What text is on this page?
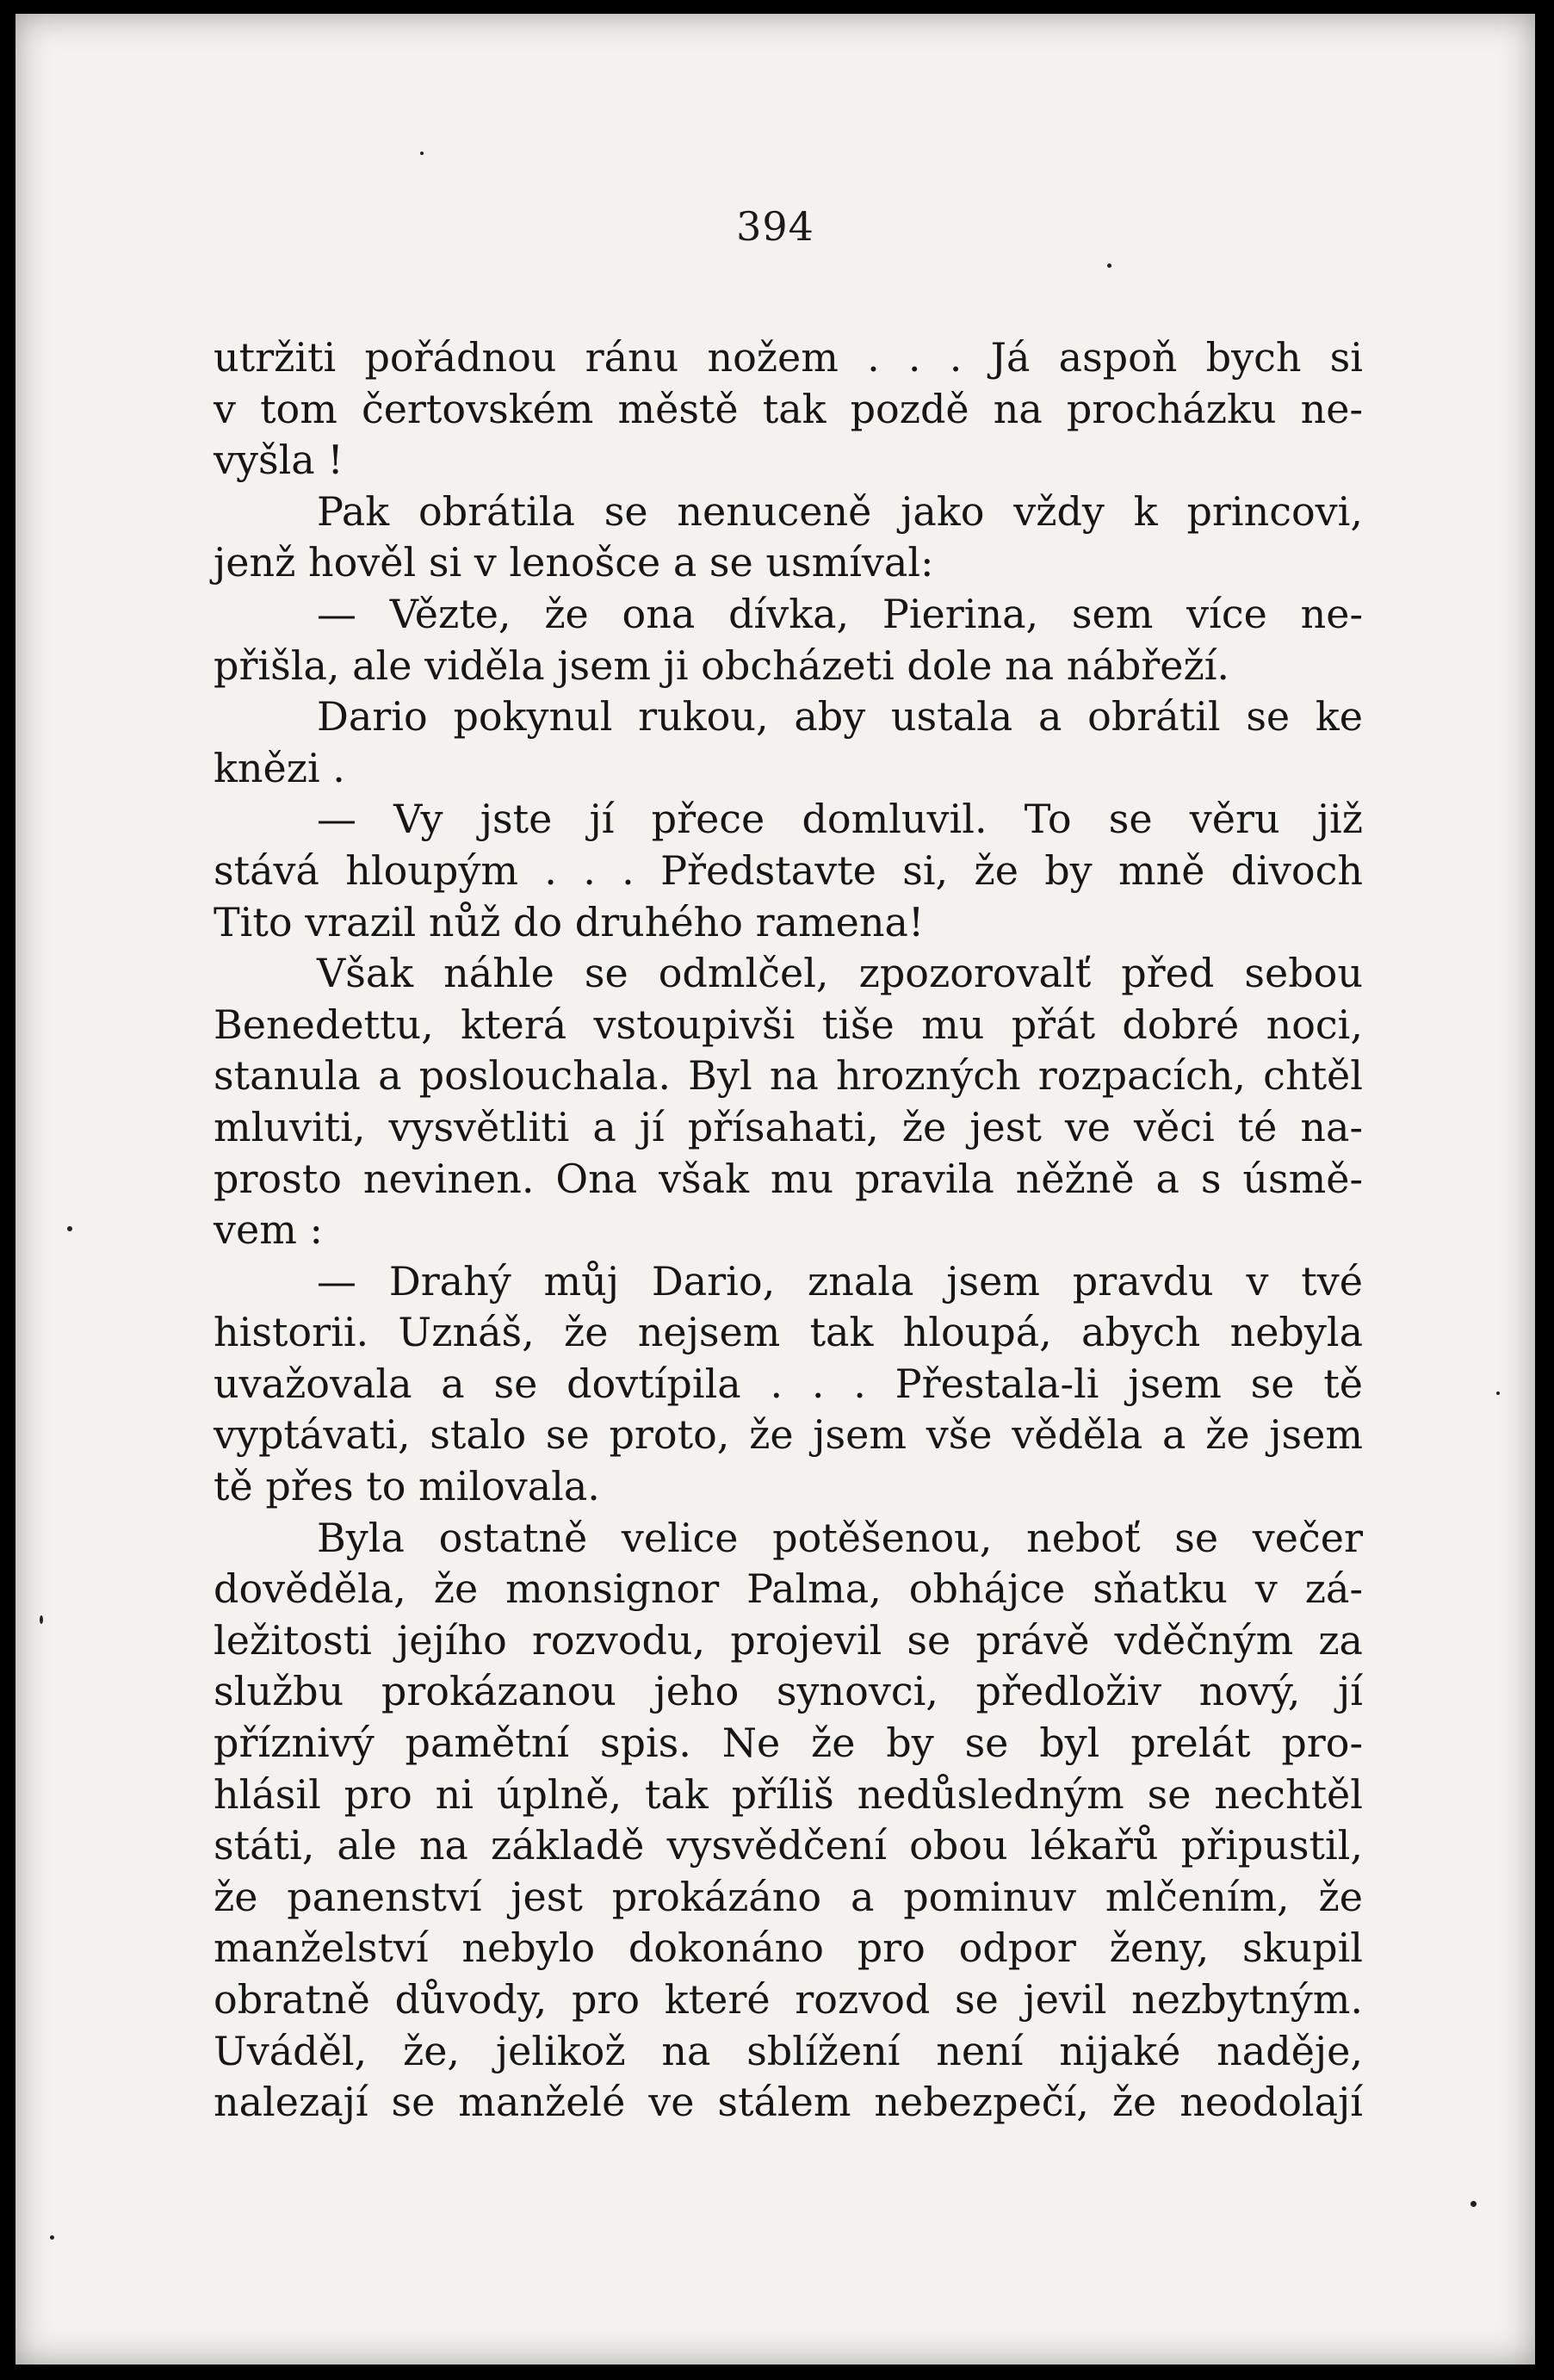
394
utržiti pořádnou ránu nožem . . . Já aspoň bych si
v tom čertovském městě tak pozdě na procházku ne-
vyšla !
Pak obrátila se nenuceně jako vždy k princovi,
jenž hověl si v lenošce a se usmíval:
— Vězte, že ona dívka, Pierina, sem více ne-
přišla, ale viděla jsem ji obcházeti dole na nábřeží.
Dario pokynul rukou, aby ustala a obrátil se ke
knězi .
— Vy jste jí přece domluvil. To se věru již
stává hloupým . . . Představte si, že by mně divoch
Tito vrazil nůž do druhého ramena!
Však náhle se odmlčel, zpozorovalť před sebou
Benedettu, která vstoupivši tiše mu přát dobré noci,
stanula a poslouchala. Byl na hrozných rozpacích, chtěl
mluviti, vysvětliti a jí přísahati, že jest ve věci té na-
prosto nevinen. Ona však mu pravila něžně a s úsmě-
vem :
— Drahý můj Dario, znala jsem pravdu v tvé
historii. Uznáš, že nejsem tak hloupá, abych nebyla
uvažovala a se dovtípila . . . Přestala-li jsem se tě
vyptávati, stalo se proto, že jsem vše věděla a že jsem
tě přes to milovala.
Byla ostatně velice potěšenou, neboť se večer
dověděla, že monsignor Palma, obhájce sňatku v zá-
ležitosti jejího rozvodu, projevil se právě vděčným za
službu prokázanou jeho synovci, předloživ nový, jí
příznivý pamětní spis. Ne že by se byl prelát pro-
hlásil pro ni úplně, tak příliš nedůsledným se nechtěl
státi, ale na základě vysvědčení obou lékařů připustil,
že panenství jest prokázáno a pominuv mlčením, že
manželství nebylo dokonáno pro odpor ženy, skupil
obratně důvody, pro které rozvod se jevil nezbytným.
Uváděl, že, jelikož na sblížení není nijaké naděje,
nalezají se manželé ve stálem nebezpečí, že neodolají
